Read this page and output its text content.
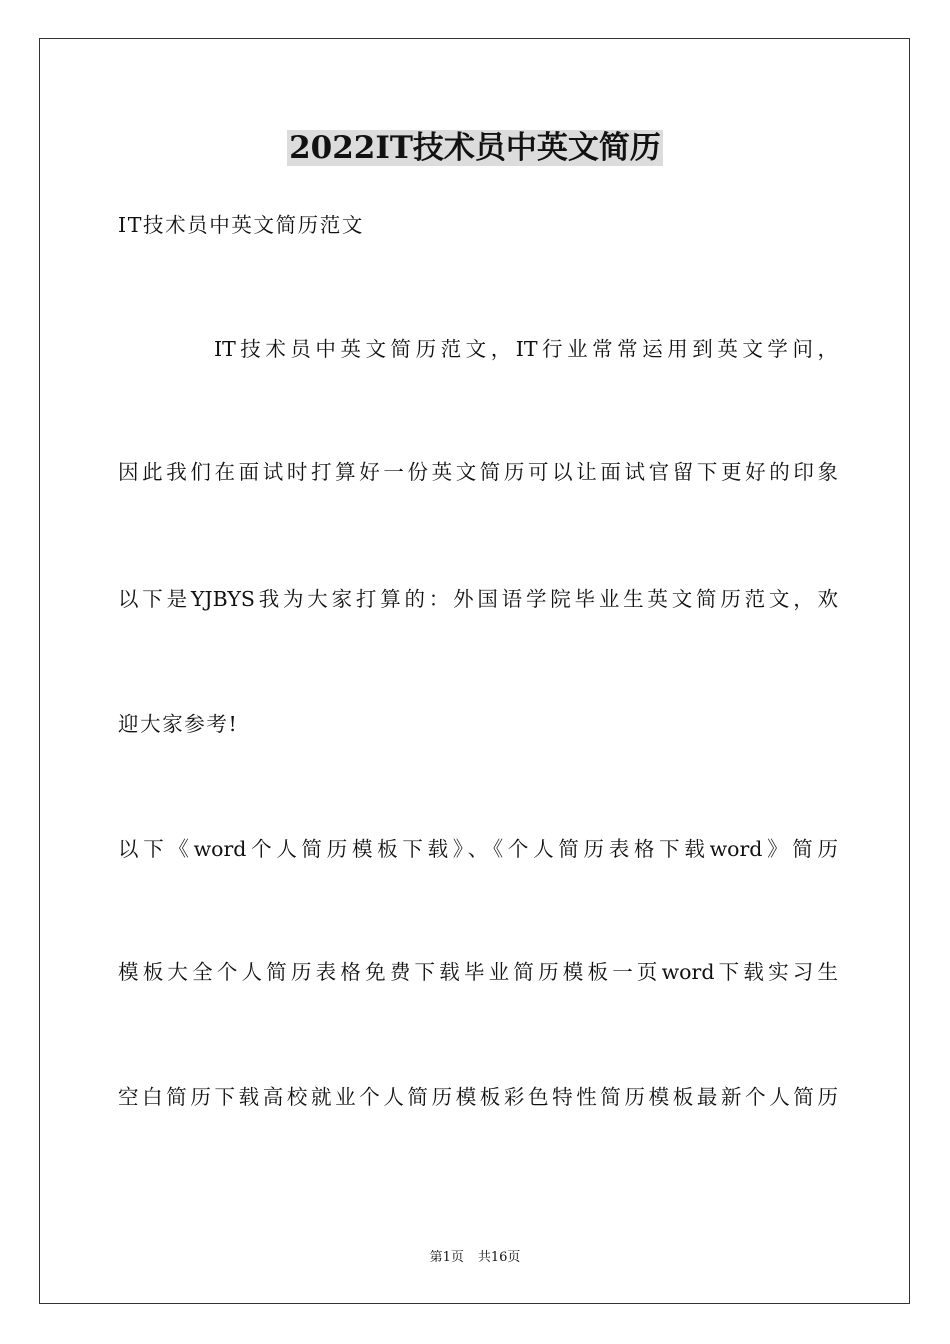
2022IT技术员中英文简历
IT技术员中英文简历范文
IT技术员中英文简历范文，IT行业常常运用到英文学问，
因此我们在面试时打算好一份英文简历可以让面试官留下更好的印象
以下是YJBYS我为大家打算的：外国语学院毕业生英文简历范文，欢
迎大家参考!
以下《word个人简历模板下载》、《个人简历表格下载word》简历
模板大全个人简历表格免费下载毕业简历模板一页word下载实习生
空白简历下载高校就业个人简历模板彩色特性简历模板最新个人简历
第1页 共16页
